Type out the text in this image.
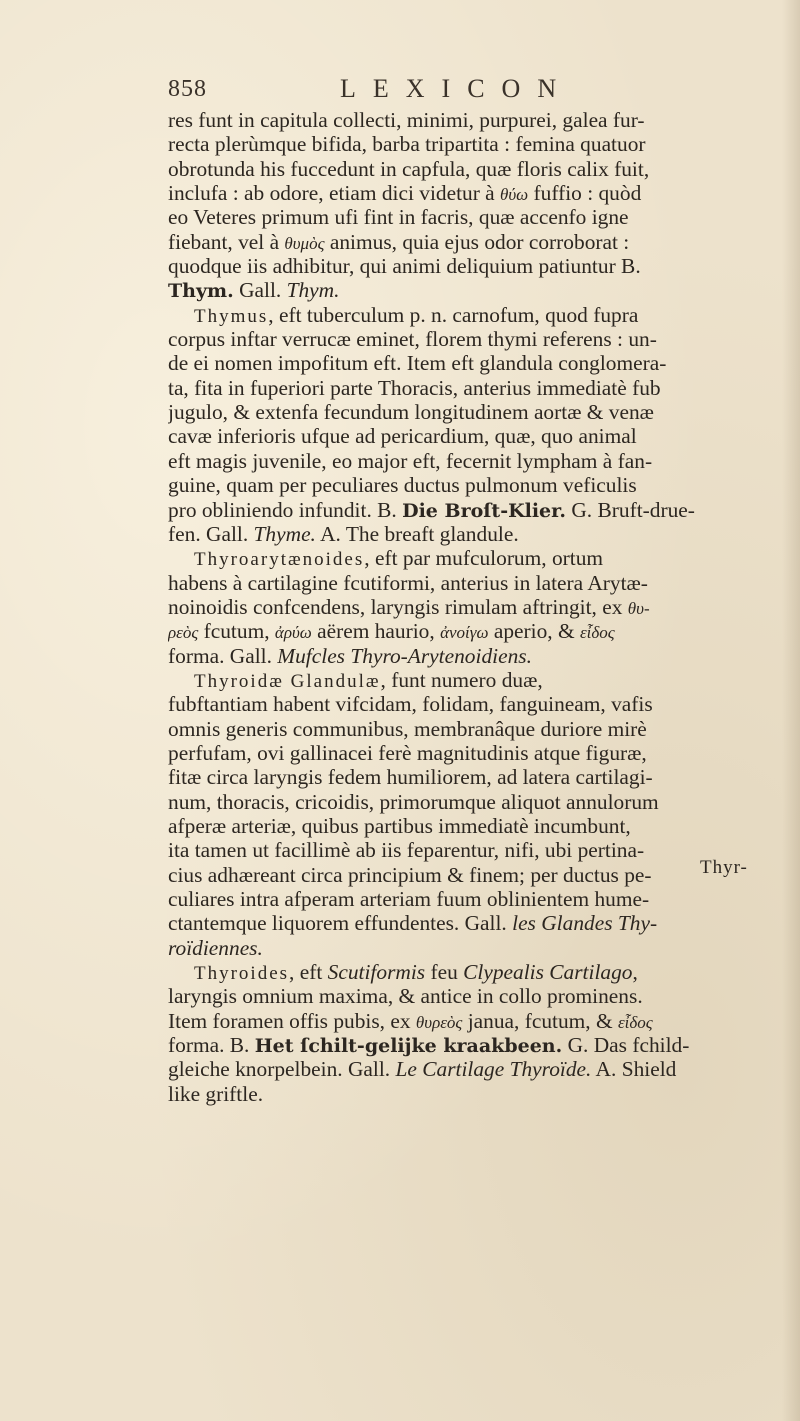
858	LEXICON
res funt in capitula collecti, minimi, purpurei, galea fur-
recta plerùmque bifida, barba tripartita : femina quatuor
obrotunda his fuccedunt in capfula, quæ floris calix fuit,
inclufa : ab odore, etiam dici videtur à θύω fuffio : quòd
eo Veteres primum ufi fint in facris, quæ accenfo igne
fiebant, vel à θυμὸς animus, quia ejus odor corroborat :
quodque iis adhibitur, qui animi deliquium patiuntur B.
Thym. Gall. Thym.
Thymus, eft tuberculum p. n. carnofum, quod fupra
corpus inftar verrucæ eminet, florem thymi referens : un-
de ei nomen impofitum eft. Item eft glandula conglomera-
ta, fita in fuperiori parte Thoracis, anterius immediatè fub
jugulo, & extenfa fecundum longitudinem aortæ & venæ
cavæ inferioris ufque ad pericardium, quæ, quo animal
eft magis juvenile, eo major eft, fecernit lympham à fan-
guine, quam per peculiares ductus pulmonum veficulis
pro obliniendo infundit. B. Die Broſt-Klier. G. Bruft-drue-
fen. Gall. Thyme. A. The breaft glandule.
Thyroarytænoides, eft par mufculorum, ortum
habens à cartilagine fcutiformi, anterius in latera Arytæ-
noinoidis confcendens, laryngis rimulam aftringit, ex θυ-
ρεὸς fcutum, ἀρύω aërem haurio, ἀνοίγω aperio, & εἶδος
forma. Gall. Mufcles Thyro-Arytenoidiens.
Thyroidæ Glandulæ, funt numero duæ,
fubftantiam habent vifcidam, folidam, fanguineam, vafis
omnis generis communibus, membranâque duriore mirè
perfufam, ovi gallinacei ferè magnitudinis atque figuræ,
fitæ circa laryngis fedem humiliorem, ad latera cartilagi-
num, thoracis, cricoidis, primorumque aliquot annulorum
afperæ arteriæ, quibus partibus immediatè incumbunt,
ita tamen ut facillimè ab iis feparentur, nifi, ubi pertina-
cius adhæreant circa principium & finem; per ductus pe-
culiares intra afperam arteriam fuum oblinientem hume-
ctantemque liquorem effundentes. Gall. les Glandes Thy-
roïdiennes.
Thyroides, eft Scutiformis feu Clypealis Cartilago,
laryngis omnium maxima, & antice in collo prominens.
Item foramen offis pubis, ex θυρεὸς janua, fcutum, & εἶδος
forma. B. Het ſchilt-gelijke kraakbeen. G. Das fchild-
gleiche knorpelbein. Gall. Le Cartilage Thyroïde. A. Shield
like griftle.
Thyr-
